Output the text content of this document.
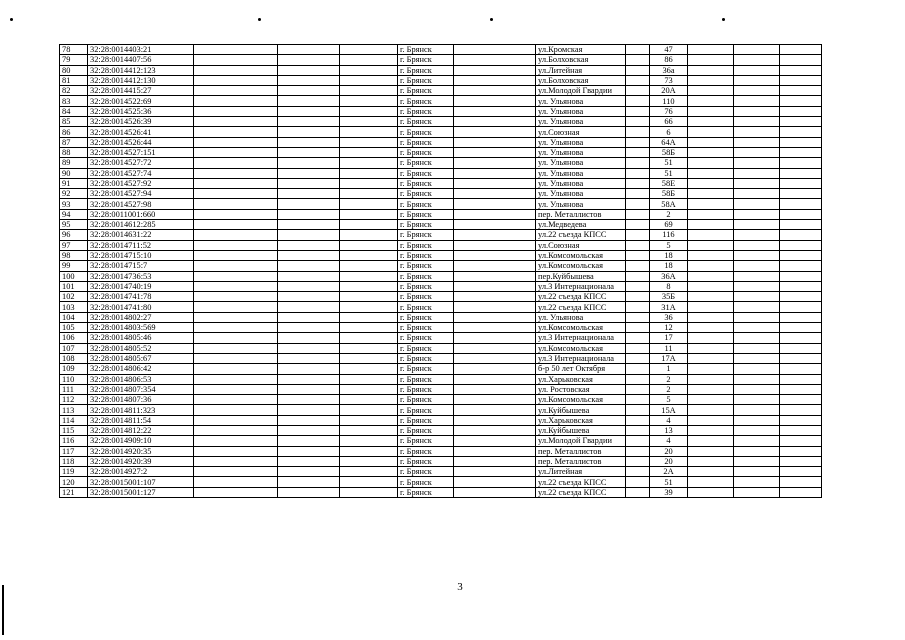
78	32:28:0014403:21				г. Брянск		ул.Кромская		47			
79	32:28:0014407:56				г. Брянск		ул.Болховская		86			
80	32:28:0014412:123				г. Брянск		ул.Литейная		36а			
81	32:28:0014412:130				г. Брянск		ул.Болховская		73			
82	32:28:0014415:27				г. Брянск		ул.Молодой Гвардии		20А			
83	32:28:0014522:69				г. Брянск		ул. Ульянова		110			
84	32:28:0014525:36				г. Брянск		ул. Ульянова		76			
85	32:28:0014526:39				г. Брянск		ул. Ульянова		66			
86	32:28:0014526:41				г. Брянск		ул.Союзная		6			
87	32:28:0014526:44				г. Брянск		ул. Ульянова		64А			
88	32:28:0014527:151				г. Брянск		ул. Ульянова		58Б			
89	32:28:0014527:72				г. Брянск		ул. Ульянова		51			
90	32:28:0014527:74				г. Брянск		ул. Ульянова		51			
91	32:28:0014527:92				г. Брянск		ул. Ульянова		58Е			
92	32:28:0014527:94				г. Брянск		ул. Ульянова		58Б			
93	32:28:0014527:98				г. Брянск		ул. Ульянова		58А			
94	32:28:0011001:660				г. Брянск		пер. Металлистов		2			
95	32:28:0014612:285				г. Брянск		ул.Медведева		69			
96	32:28:0014631:22				г. Брянск		ул.22 съезда КПСС		116			
97	32:28:0014711:52				г. Брянск		ул.Союзная		5			
98	32:28:0014715:10				г. Брянск		ул.Комсомольская		18			
99	32:28:0014715:7				г. Брянск		ул.Комсомольская		18			
100	32:28:0014736:53				г. Брянск		пер.Куйбышева		36А			
101	32:28:0014740:19				г. Брянск		ул.3 Интернационала		8			
102	32:28:0014741:78				г. Брянск		ул.22 съезда КПСС		35Б			
103	32:28:0014741:80				г. Брянск		ул.22 съезда КПСС		31А			
104	32:28:0014802:27				г. Брянск		ул. Ульянова		36			
105	32:28:0014803:569				г. Брянск		ул.Комсомольская		12			
106	32:28:0014805:46				г. Брянск		ул.3 Интернационала		17			
107	32:28:0014805:52				г. Брянск		ул.Комсомольская		11			
108	32:28:0014805:67				г. Брянск		ул.3 Интернационала		17А			
109	32:28:0014806:42				г. Брянск		б-р 50 лет Октября		1			
110	32:28:0014806:53				г. Брянск		ул.Харьковская		2			
111	32:28:0014807:354				г. Брянск		ул. Ростовская		2			
112	32:28:0014807:36				г. Брянск		ул.Комсомольская		5			
113	32:28:0014811:323				г. Брянск		ул.Куйбышева		15А			
114	32:28:0014811:54				г. Брянск		ул.Харьковская		4			
115	32:28:0014812:22				г. Брянск		ул.Куйбышева		13			
116	32:28:0014909:10				г. Брянск		ул.Молодой Гвардии		4			
117	32:28:0014920:35				г. Брянск		пер. Металлистов		20			
118	32:28:0014920:39				г. Брянск		пер. Металлистов		20			
119	32:28:0014927:2				г. Брянск		ул.Литейная		2А			
120	32:28:0015001:107				г. Брянск		ул.22 съезда КПСС		51			
121	32:28:0015001:127				г. Брянск		ул.22 съезда КПСС		39			
3
